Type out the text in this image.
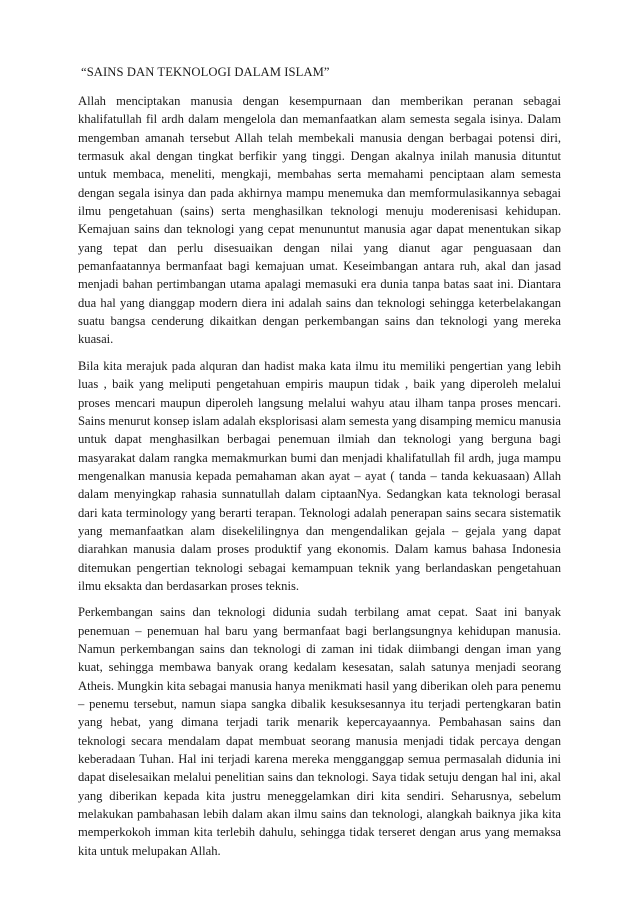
“SAINS DAN TEKNOLOGI DALAM ISLAM”

Allah menciptakan manusia dengan kesempurnaan dan memberikan peranan sebagai khalifatullah fil ardh dalam mengelola dan memanfaatkan alam semesta segala isinya. Dalam mengemban amanah tersebut Allah telah membekali manusia dengan berbagai potensi diri, termasuk akal dengan tingkat berfikir yang tinggi. Dengan akalnya inilah manusia dituntut untuk membaca, meneliti, mengkaji, membahas serta memahami penciptaan alam semesta dengan segala isinya dan pada akhirnya mampu menemuka dan memformulasikannya sebagai ilmu pengetahuan (sains) serta menghasilkan teknologi menuju moderenisasi kehidupan. Kemajuan sains dan teknologi yang cepat menununtut manusia agar dapat menentukan sikap yang tepat dan perlu disesuaikan dengan nilai yang dianut agar penguasaan dan pemanfaatannya bermanfaat bagi kemajuan umat. Keseimbangan antara ruh, akal dan jasad menjadi bahan pertimbangan utama apalagi memasuki era dunia tanpa batas saat ini. Diantara dua hal yang dianggap modern diera ini adalah sains dan teknologi sehingga keterbelakangan suatu bangsa cenderung dikaitkan dengan perkembangan sains dan teknologi yang mereka kuasai.

Bila kita merajuk pada alquran dan hadist maka kata ilmu itu memiliki pengertian yang lebih luas , baik yang meliputi pengetahuan empiris maupun tidak , baik yang diperoleh melalui proses mencari maupun diperoleh langsung melalui wahyu atau ilham tanpa proses mencari. Sains menurut konsep islam adalah eksplorisasi alam semesta yang disamping memicu manusia untuk dapat menghasilkan berbagai penemuan ilmiah dan teknologi yang berguna bagi masyarakat dalam rangka memakmurkan bumi dan menjadi khalifatullah fil ardh, juga mampu mengenalkan manusia kepada pemahaman akan ayat – ayat ( tanda – tanda kekuasaan) Allah dalam menyingkap rahasia sunnatullah dalam ciptaanNya. Sedangkan kata teknologi berasal dari kata terminology yang berarti terapan. Teknologi adalah penerapan sains secara sistematik yang memanfaatkan alam disekelilingnya dan mengendalikan gejala – gejala yang dapat diarahkan manusia dalam proses produktif yang ekonomis. Dalam kamus bahasa Indonesia ditemukan pengertian teknologi sebagai kemampuan teknik yang berlandaskan pengetahuan ilmu eksakta dan berdasarkan proses teknis.

Perkembangan sains dan teknologi didunia sudah terbilang amat cepat. Saat ini banyak penemuan – penemuan hal baru yang bermanfaat bagi berlangsungnya kehidupan manusia. Namun perkembangan sains dan teknologi di zaman ini tidak diimbangi dengan iman yang kuat, sehingga membawa banyak orang kedalam kesesatan, salah satunya menjadi seorang Atheis. Mungkin kita sebagai manusia hanya menikmati hasil yang diberikan oleh para penemu – penemu tersebut, namun siapa sangka dibalik kesuksesannya itu terjadi pertengkaran batin yang hebat, yang dimana terjadi tarik menarik kepercayaannya. Pembahasan sains dan teknologi secara mendalam dapat membuat seorang manusia menjadi tidak percaya dengan keberadaan Tuhan. Hal ini terjadi karena mereka mengganggap semua permasalah didunia ini dapat diselesaikan melalui penelitian sains dan teknologi. Saya tidak setuju dengan hal ini, akal yang diberikan kepada kita justru meneggelamkan diri kita sendiri. Seharusnya, sebelum melakukan pambahasan lebih dalam akan ilmu sains dan teknologi, alangkah baiknya jika kita memperkokoh imman kita terlebih dahulu, sehingga tidak terseret dengan arus yang memaksa kita untuk melupakan Allah.
